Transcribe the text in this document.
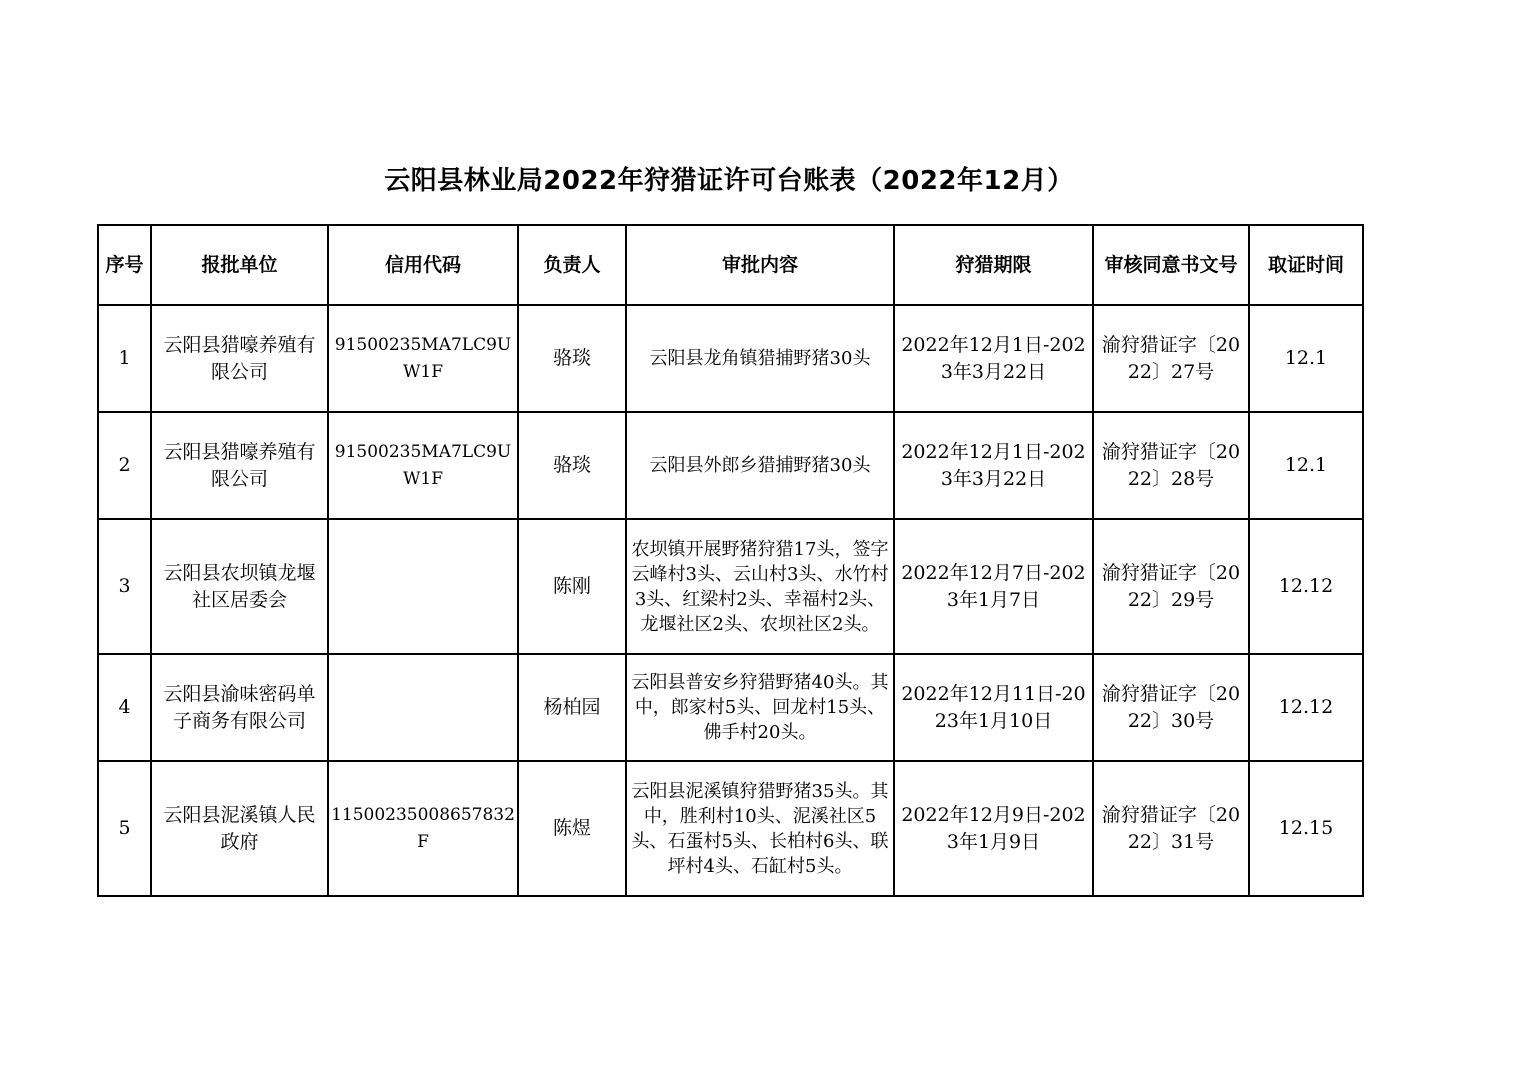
云阳县林业局2022年狩猎证许可台账表（2022年12月）
序号	报批单位	信用代码	负责人	审批内容	狩猎期限	审核同意书文号	取证时间
1	云阳县猎嚎养殖有限公司	91500235MA7LC9UW1F	骆琰	云阳县龙角镇猎捕野猪30头	2022年12月1日-2023年3月22日	渝狩猎证字〔2022〕27号	12.1
2	云阳县猎嚎养殖有限公司	91500235MA7LC9UW1F	骆琰	云阳县外郎乡猎捕野猪30头	2022年12月1日-2023年3月22日	渝狩猎证字〔2022〕28号	12.1
3	云阳县农坝镇龙堰社区居委会		陈刚	农坝镇开展野猪狩猎17头，签字云峰村3头、云山村3头、水竹村3头、红梁村2头、幸福村2头、龙堰社区2头、农坝社区2头。	2022年12月7日-2023年1月7日	渝狩猎证字〔2022〕29号	12.12
4	云阳县渝味密码单子商务有限公司		杨柏园	云阳县普安乡狩猎野猪40头。其中，郎家村5头、回龙村15头、佛手村20头。	2022年12月11日-2023年1月10日	渝狩猎证字〔2022〕30号	12.12
5	云阳县泥溪镇人民政府	11500235008657832F	陈煜	云阳县泥溪镇狩猎野猪35头。其中，胜利村10头、泥溪社区5头、石蛋村5头、长柏村6头、联坪村4头、石缸村5头。	2022年12月9日-2023年1月9日	渝狩猎证字〔2022〕31号	12.15
